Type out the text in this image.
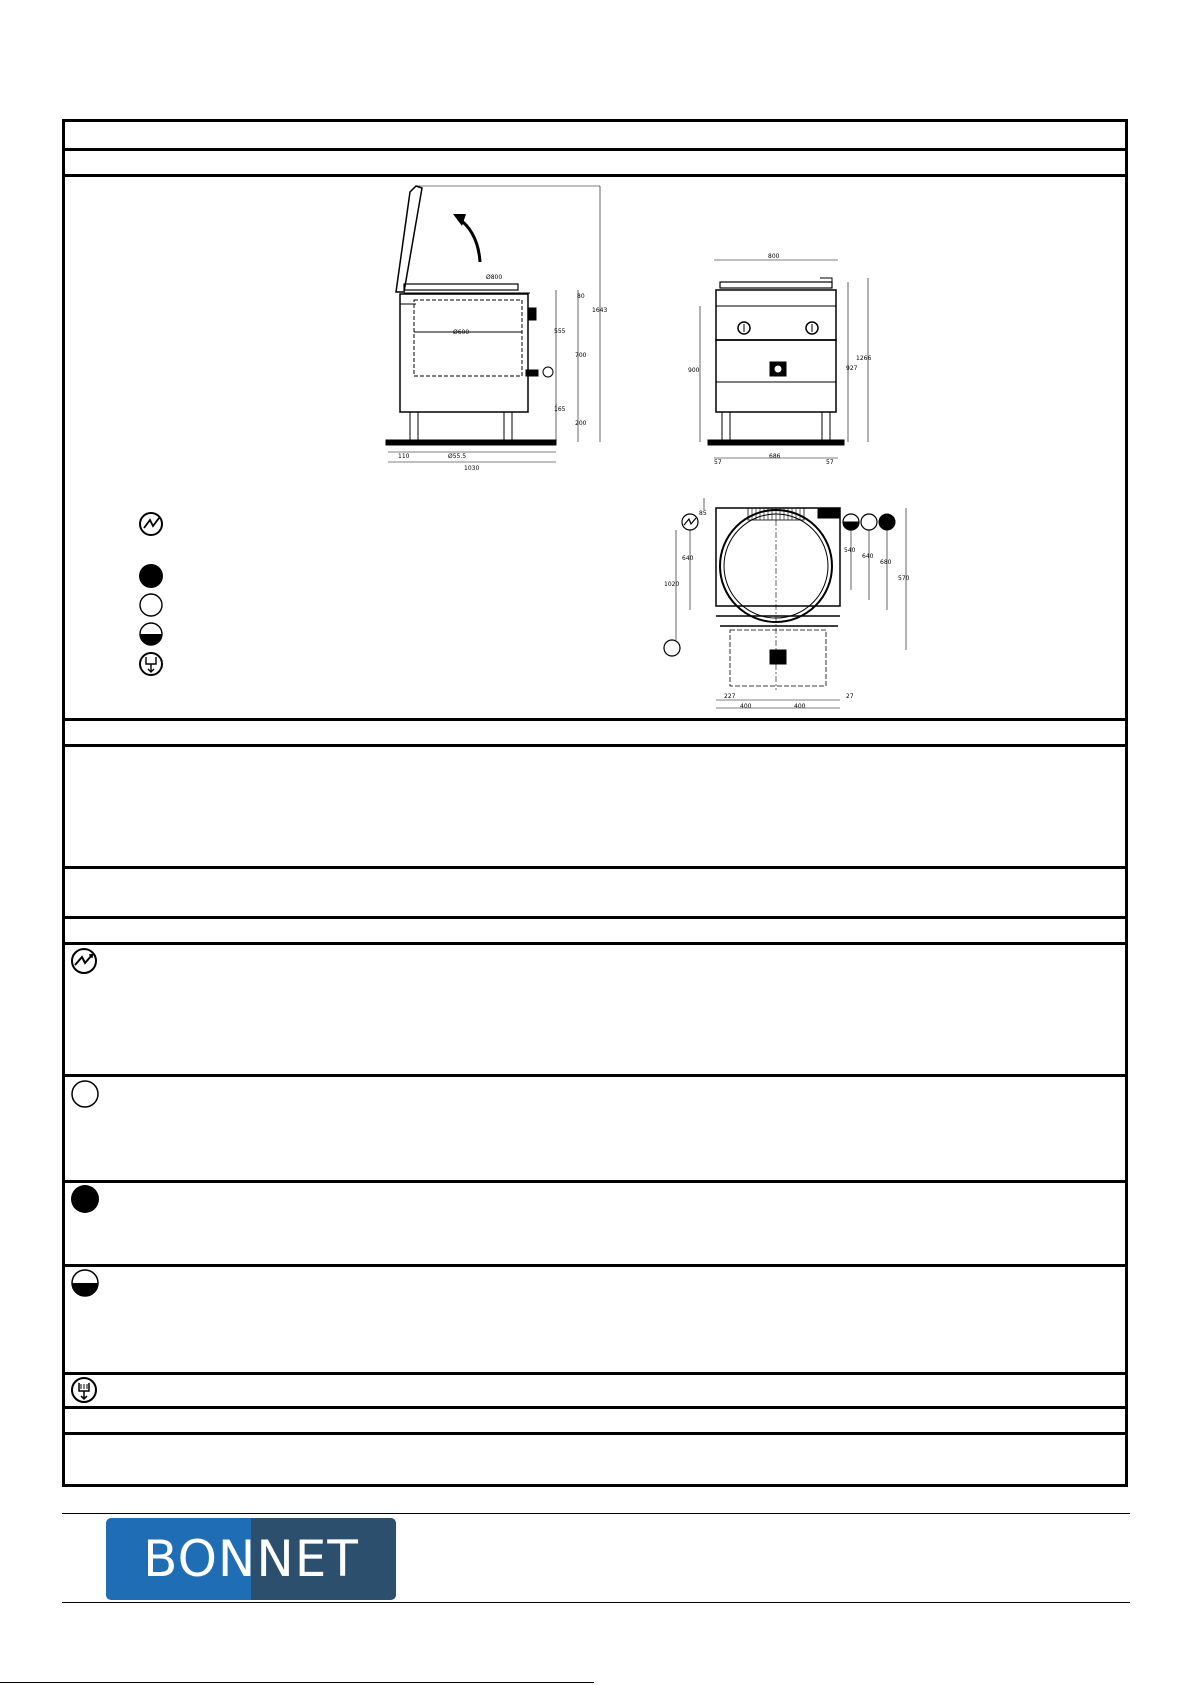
Ø600
Ø800
80
555
700
165
200
1643
Ø55.5
110
1030
800
900
1266
927
57
686
57
85
640
1020
540
640
680
570
227
400	400
27
BONNET
